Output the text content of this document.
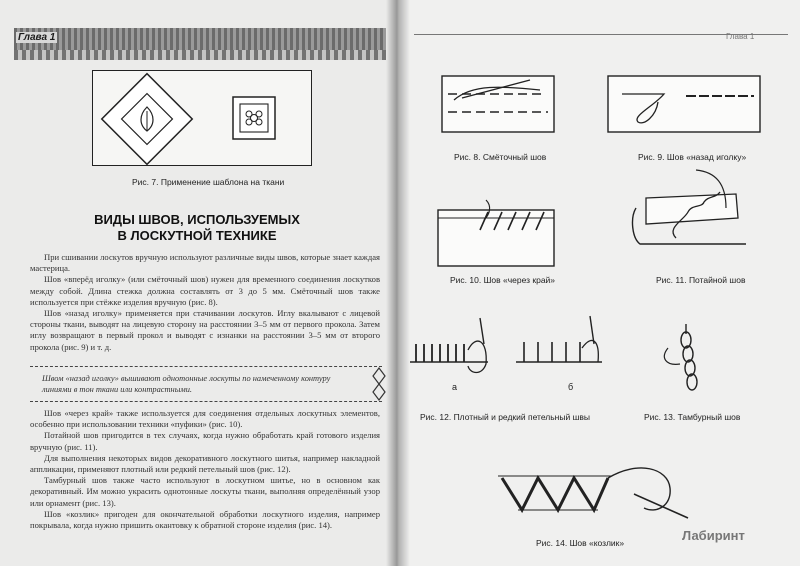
Глава 1
Рис. 7. Применение шаблона на ткани
ВИДЫ ШВОВ, ИСПОЛЬЗУЕМЫХ
В ЛОСКУТНОЙ ТЕХНИКЕ

При сшивании лоскутов вручную используют различные виды швов, которые знает каждая мастерица.

Шов «вперёд иголку» (или смёточный шов) нужен для временного соединения лоскутков между собой. Длина стежка должна составлять от 3 до 5 мм. Смёточный шов также используется при стёжке изделия вручную (рис. 8).

Шов «назад иголку» применяется при стачивании лоскутов. Иглу вкалывают с лицевой стороны ткани, выводят на лицевую сторону на расстоянии 3–5 мм от первого прокола. Затем иглу возвращают в первый прокол и выводят с изнанки на расстоянии 3–5 мм от второго прокола (рис. 9) и т. д.

Швом «назад иголку» вышивают однотонные лоскуты по намеченному контуру линиями в тон ткани или контрастными.

Шов «через край» также используется для соединения отдельных лоскутных элементов, особенно при использовании техники «пуфики» (рис. 10).

Потайной шов пригодится в тех случаях, когда нужно обработать край готового изделия вручную (рис. 11).

Для выполнения некоторых видов декоративного лоскутного шитья, например накладной аппликации, применяют плотный или редкий петельный шов (рис. 12).

Тамбурный шов также часто используют в лоскутном шитье, но в основном как декоративный. Им можно украсить однотонные лоскуты ткани, выполняя определённый узор или орнамент (рис. 13).

Шов «козлик» пригоден для окончательной обработки лоскутного изделия, например покрывала, когда нужно пришить окантовку к обратной стороне изделия (рис. 14).

Глава 1
Рис. 8. Смёточный шов	Рис. 9. Шов «назад иголку»
Рис. 10. Шов «через край»	Рис. 11. Потайной шов
а	б
Рис. 12. Плотный и редкий петельный швы	Рис. 13. Тамбурный шов
Рис. 14. Шов «козлик»	Лабиринт
